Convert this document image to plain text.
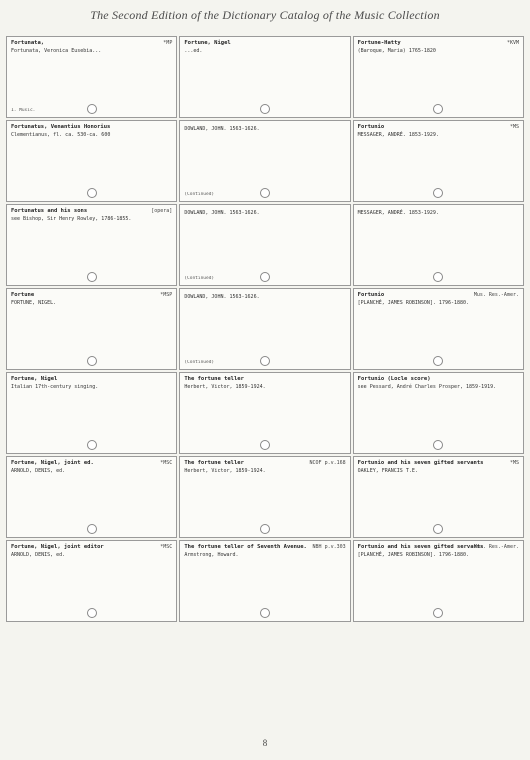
The Second Edition of the Dictionary Catalog of the Music Collection
*MP
Fortunata,
Fortunata, Veronica Eusebia...
1. Music.
Fortune, Nigel
...ed.
*KVM
Fortune-Hatty
(Baroque, Maria) 1765-1820
Fortunatus, Venantius Honorius
Clementianus, fl. ca. 530-ca. 600
DOWLAND, JOHN. 1563-1626.
(Continued)
*MS
Fortunio
MESSAGER, ANDRÉ. 1853-1929.
[opera]
Fortunatus and his sons
see Bishop, Sir Henry Rowley, 1786-1855.
DOWLAND, JOHN. 1563-1626.
(Continued)
MESSAGER, ANDRÉ. 1853-1929.
*MSP
Fortune
FORTUNE, NIGEL.
DOWLAND, JOHN. 1563-1626.
(Continued)
Mus. Res.-Amer.
Fortunio
[PLANCHÉ, JAMES ROBINSON]. 1796-1880.
Fortune, Nigel
Italian 17th-century singing.
The fortune teller
Herbert, Victor, 1859-1924.
Fortunio (Locle score)
see Pessard, André Charles Prosper, 1859-1919.
*MSC
Fortune, Nigel, joint ed.
ARNOLD, DENIS, ed.
NCOF p.v.168
The fortune teller
Herbert, Victor, 1859-1924.
*MS
Fortunio and his seven gifted servants
OAKLEY, FRANCIS T.E.
*MSC
Fortune, Nigel, joint editor
ARNOLD, DENIS, ed.
NBH p.v.303
The fortune teller of Seventh Avenue.
Armstrong, Howard.
Mus. Res.-Amer.
Fortunio and his seven gifted servants
[PLANCHÉ, JAMES ROBINSON]. 1796-1880.
8
